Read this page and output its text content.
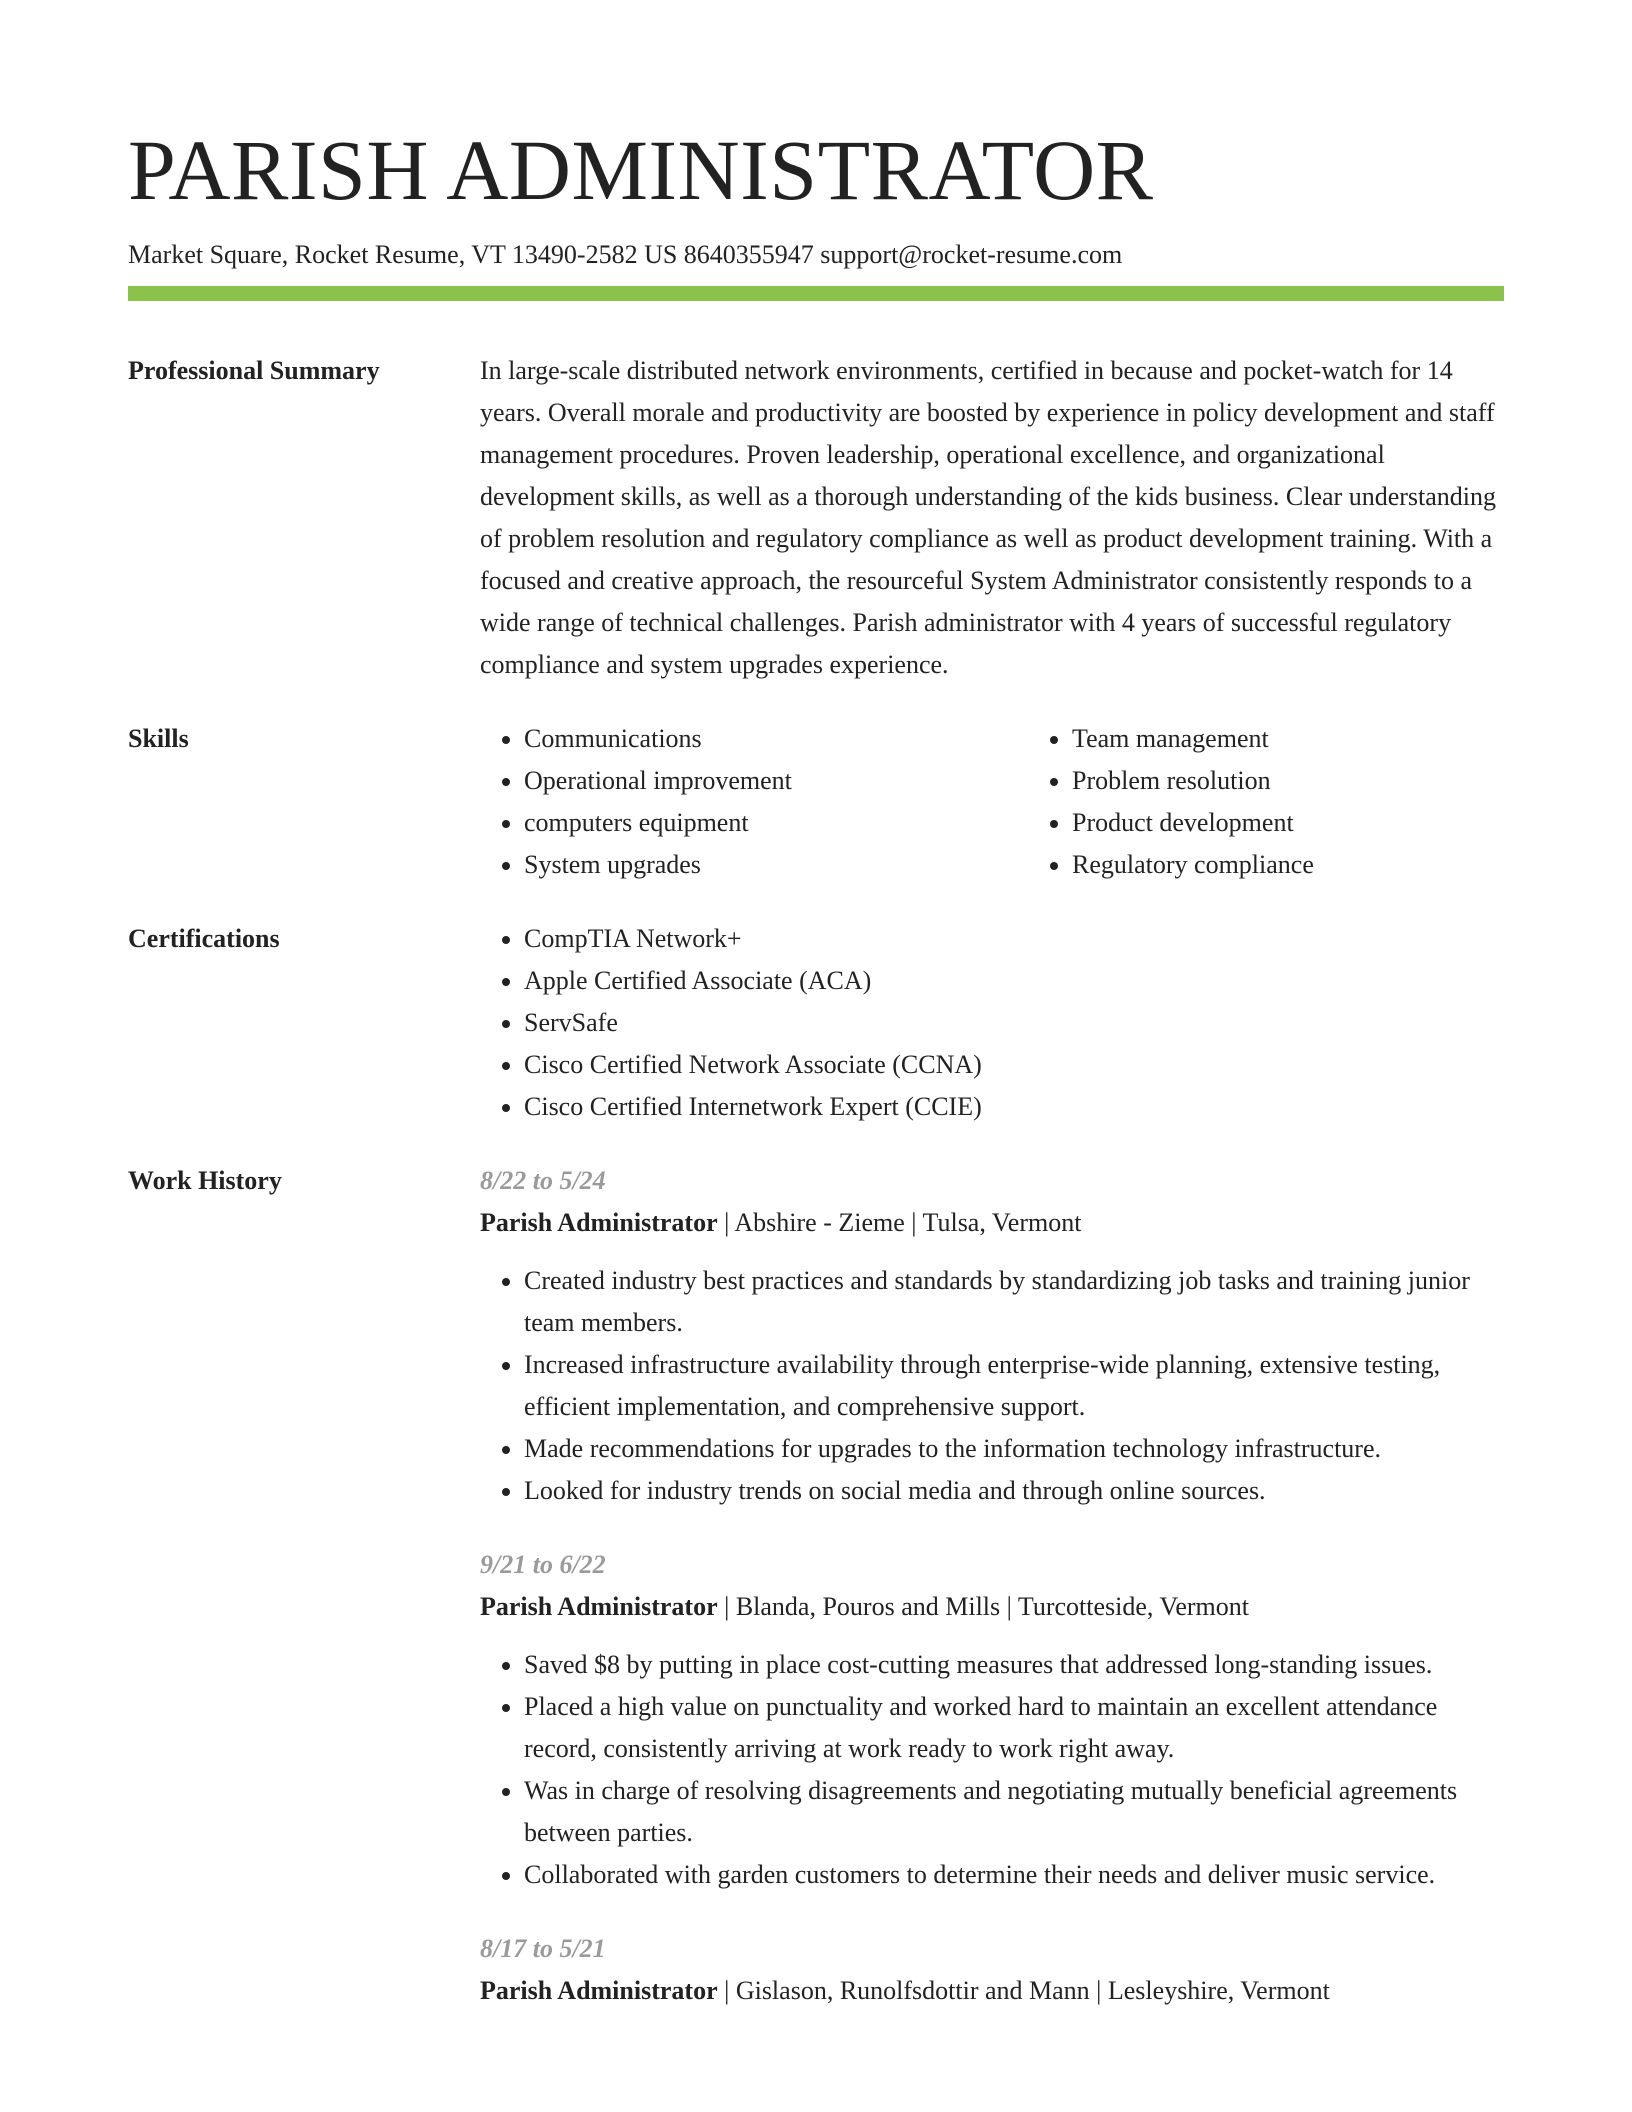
PARISH ADMINISTRATOR
Market Square, Rocket Resume, VT 13490-2582 US 8640355947 support@rocket-resume.com
Professional Summary	In large-scale distributed network environments, certified in because and pocket-watch for 14 years. Overall morale and productivity are boosted by experience in policy development and staff management procedures. Proven leadership, operational excellence, and organizational development skills, as well as a thorough understanding of the kids business. Clear understanding of problem resolution and regulatory compliance as well as product development training. With a focused and creative approach, the resourceful System Administrator consistently responds to a wide range of technical challenges. Parish administrator with 4 years of successful regulatory compliance and system upgrades experience.

Skills	• Communications
• Operational improvement
• computers equipment
• System upgrades
• Team management
• Problem resolution
• Product development
• Regulatory compliance
Certifications	• CompTIA Network+
• Apple Certified Associate (ACA)
• ServSafe
• Cisco Certified Network Associate (CCNA)
• Cisco Certified Internetwork Expert (CCIE)
Work History	8/22 to 5/24
Parish Administrator | Abshire - Zieme | Tulsa, Vermont
• Created industry best practices and standards by standardizing job tasks and training junior team members.
• Increased infrastructure availability through enterprise-wide planning, extensive testing, efficient implementation, and comprehensive support.
• Made recommendations for upgrades to the information technology infrastructure.
• Looked for industry trends on social media and through online sources.
9/21 to 6/22
Parish Administrator | Blanda, Pouros and Mills | Turcotteside, Vermont
• Saved $8 by putting in place cost-cutting measures that addressed long-standing issues.
• Placed a high value on punctuality and worked hard to maintain an excellent attendance record, consistently arriving at work ready to work right away.
• Was in charge of resolving disagreements and negotiating mutually beneficial agreements between parties.
• Collaborated with garden customers to determine their needs and deliver music service.
8/17 to 5/21
Parish Administrator | Gislason, Runolfsdottir and Mann | Lesleyshire, Vermont
